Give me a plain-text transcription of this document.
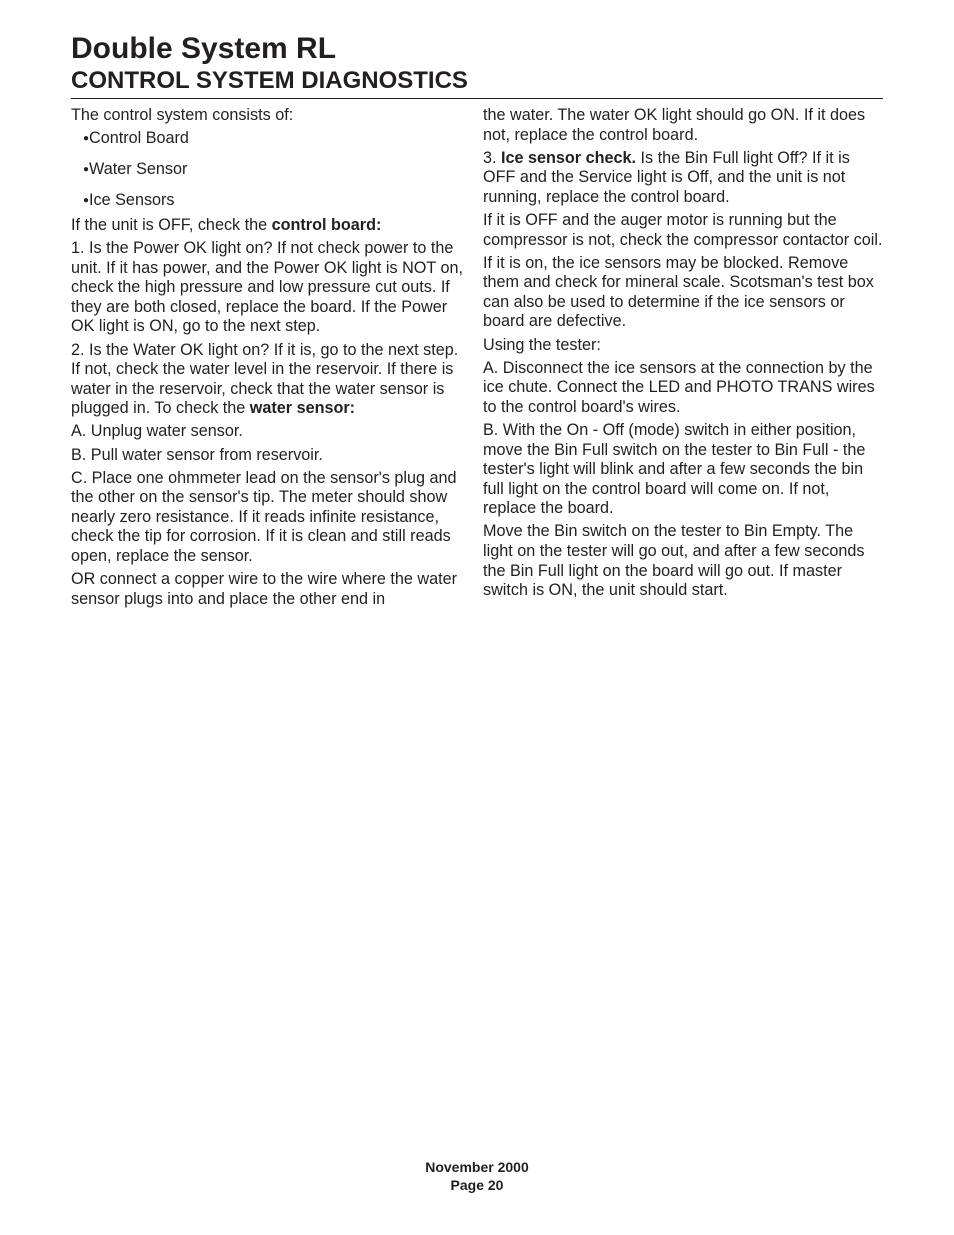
Double System RL
CONTROL SYSTEM DIAGNOSTICS

The control system consists of:

● Control Board
● Water Sensor
● Ice Sensors

If the unit is OFF, check the control board:

1. Is the Power OK light on? If not check power to the unit. If it has power, and the Power OK light is NOT on, check the high pressure and low pressure cut outs. If they are both closed, replace the board. If the Power OK light is ON, go to the next step.

2. Is the Water OK light on? If it is, go to the next step. If not, check the water level in the reservoir. If there is water in the reservoir, check that the water sensor is plugged in. To check the water sensor:

A. Unplug water sensor.

B. Pull water sensor from reservoir.

C. Place one ohmmeter lead on the sensor's plug and the other on the sensor's tip. The meter should show nearly zero resistance. If it reads infinite resistance, check the tip for corrosion. If it is clean and still reads open, replace the sensor.

OR connect a copper wire to the wire where the water sensor plugs into and place the other end in

the water. The water OK light should go ON. If it does not, replace the control board.

3. Ice sensor check. Is the Bin Full light Off? If it is OFF and the Service light is Off, and the unit is not running, replace the control board.

If it is OFF and the auger motor is running but the compressor is not, check the compressor contactor coil.

If it is on, the ice sensors may be blocked. Remove them and check for mineral scale. Scotsman's test box can also be used to determine if the ice sensors or board are defective.

Using the tester:

A. Disconnect the ice sensors at the connection by the ice chute. Connect the LED and PHOTO TRANS wires to the control board's wires.

B. With the On - Off (mode) switch in either position, move the Bin Full switch on the tester to Bin Full - the tester's light will blink and after a few seconds the bin full light on the control board will come on. If not, replace the board.

Move the Bin switch on the tester to Bin Empty. The light on the tester will go out, and after a few seconds the Bin Full light on the board will go out. If master switch is ON, the unit should start.

November 2000
Page 20
